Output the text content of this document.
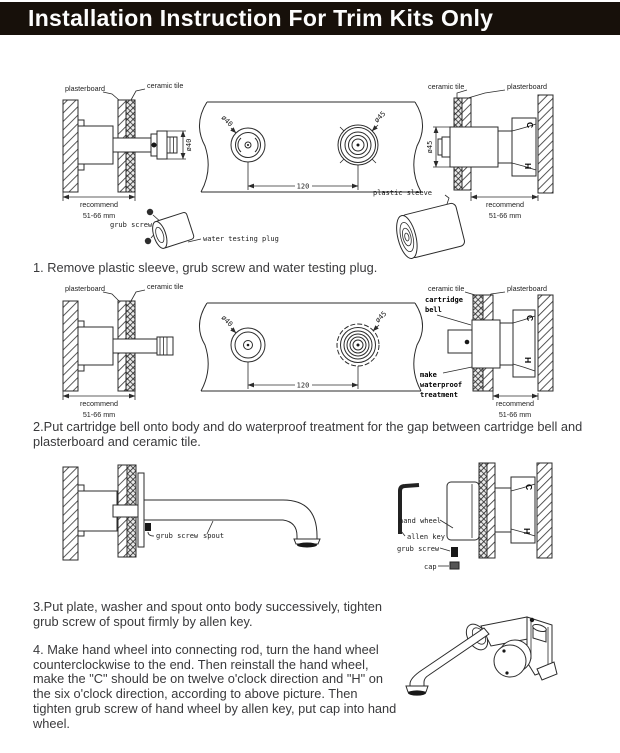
Installation Instruction For Trim Kits Only
plasterboard	ceramic tile
ø40
recommend
51-66 mm
ø40	ø45
120
plastic sleeve
grub screw
water testing plug
ceramic tile	plasterboard
C
H
ø45
recommend
51-66 mm
1. Remove plastic sleeve, grub screw and water testing plug.
plasterboard	ceramic tile
recommend
51-66 mm
ø40	ø45
120
ceramic tile	plasterboard
cartridge
bell
C
H
make
waterproof
treatment
recommend
51-66 mm
2.Put cartridge bell onto body and do waterproof treatment for the gap between cartridge bell and plasterboard and ceramic tile.
grub screw spout
C
H
hand wheel
allen key
grub screw
cap
3.Put plate, washer and spout onto body successively, tighten grub screw of spout firmly by allen key.
4. Make hand wheel into connecting rod, turn the hand wheel counterclockwise to the end. Then reinstall the hand wheel, make the "C" should be on twelve o'clock direction and "H" on the six o'clock direction, according to above picture. Then tighten grub screw of hand wheel by allen key, put cap into hand wheel.
